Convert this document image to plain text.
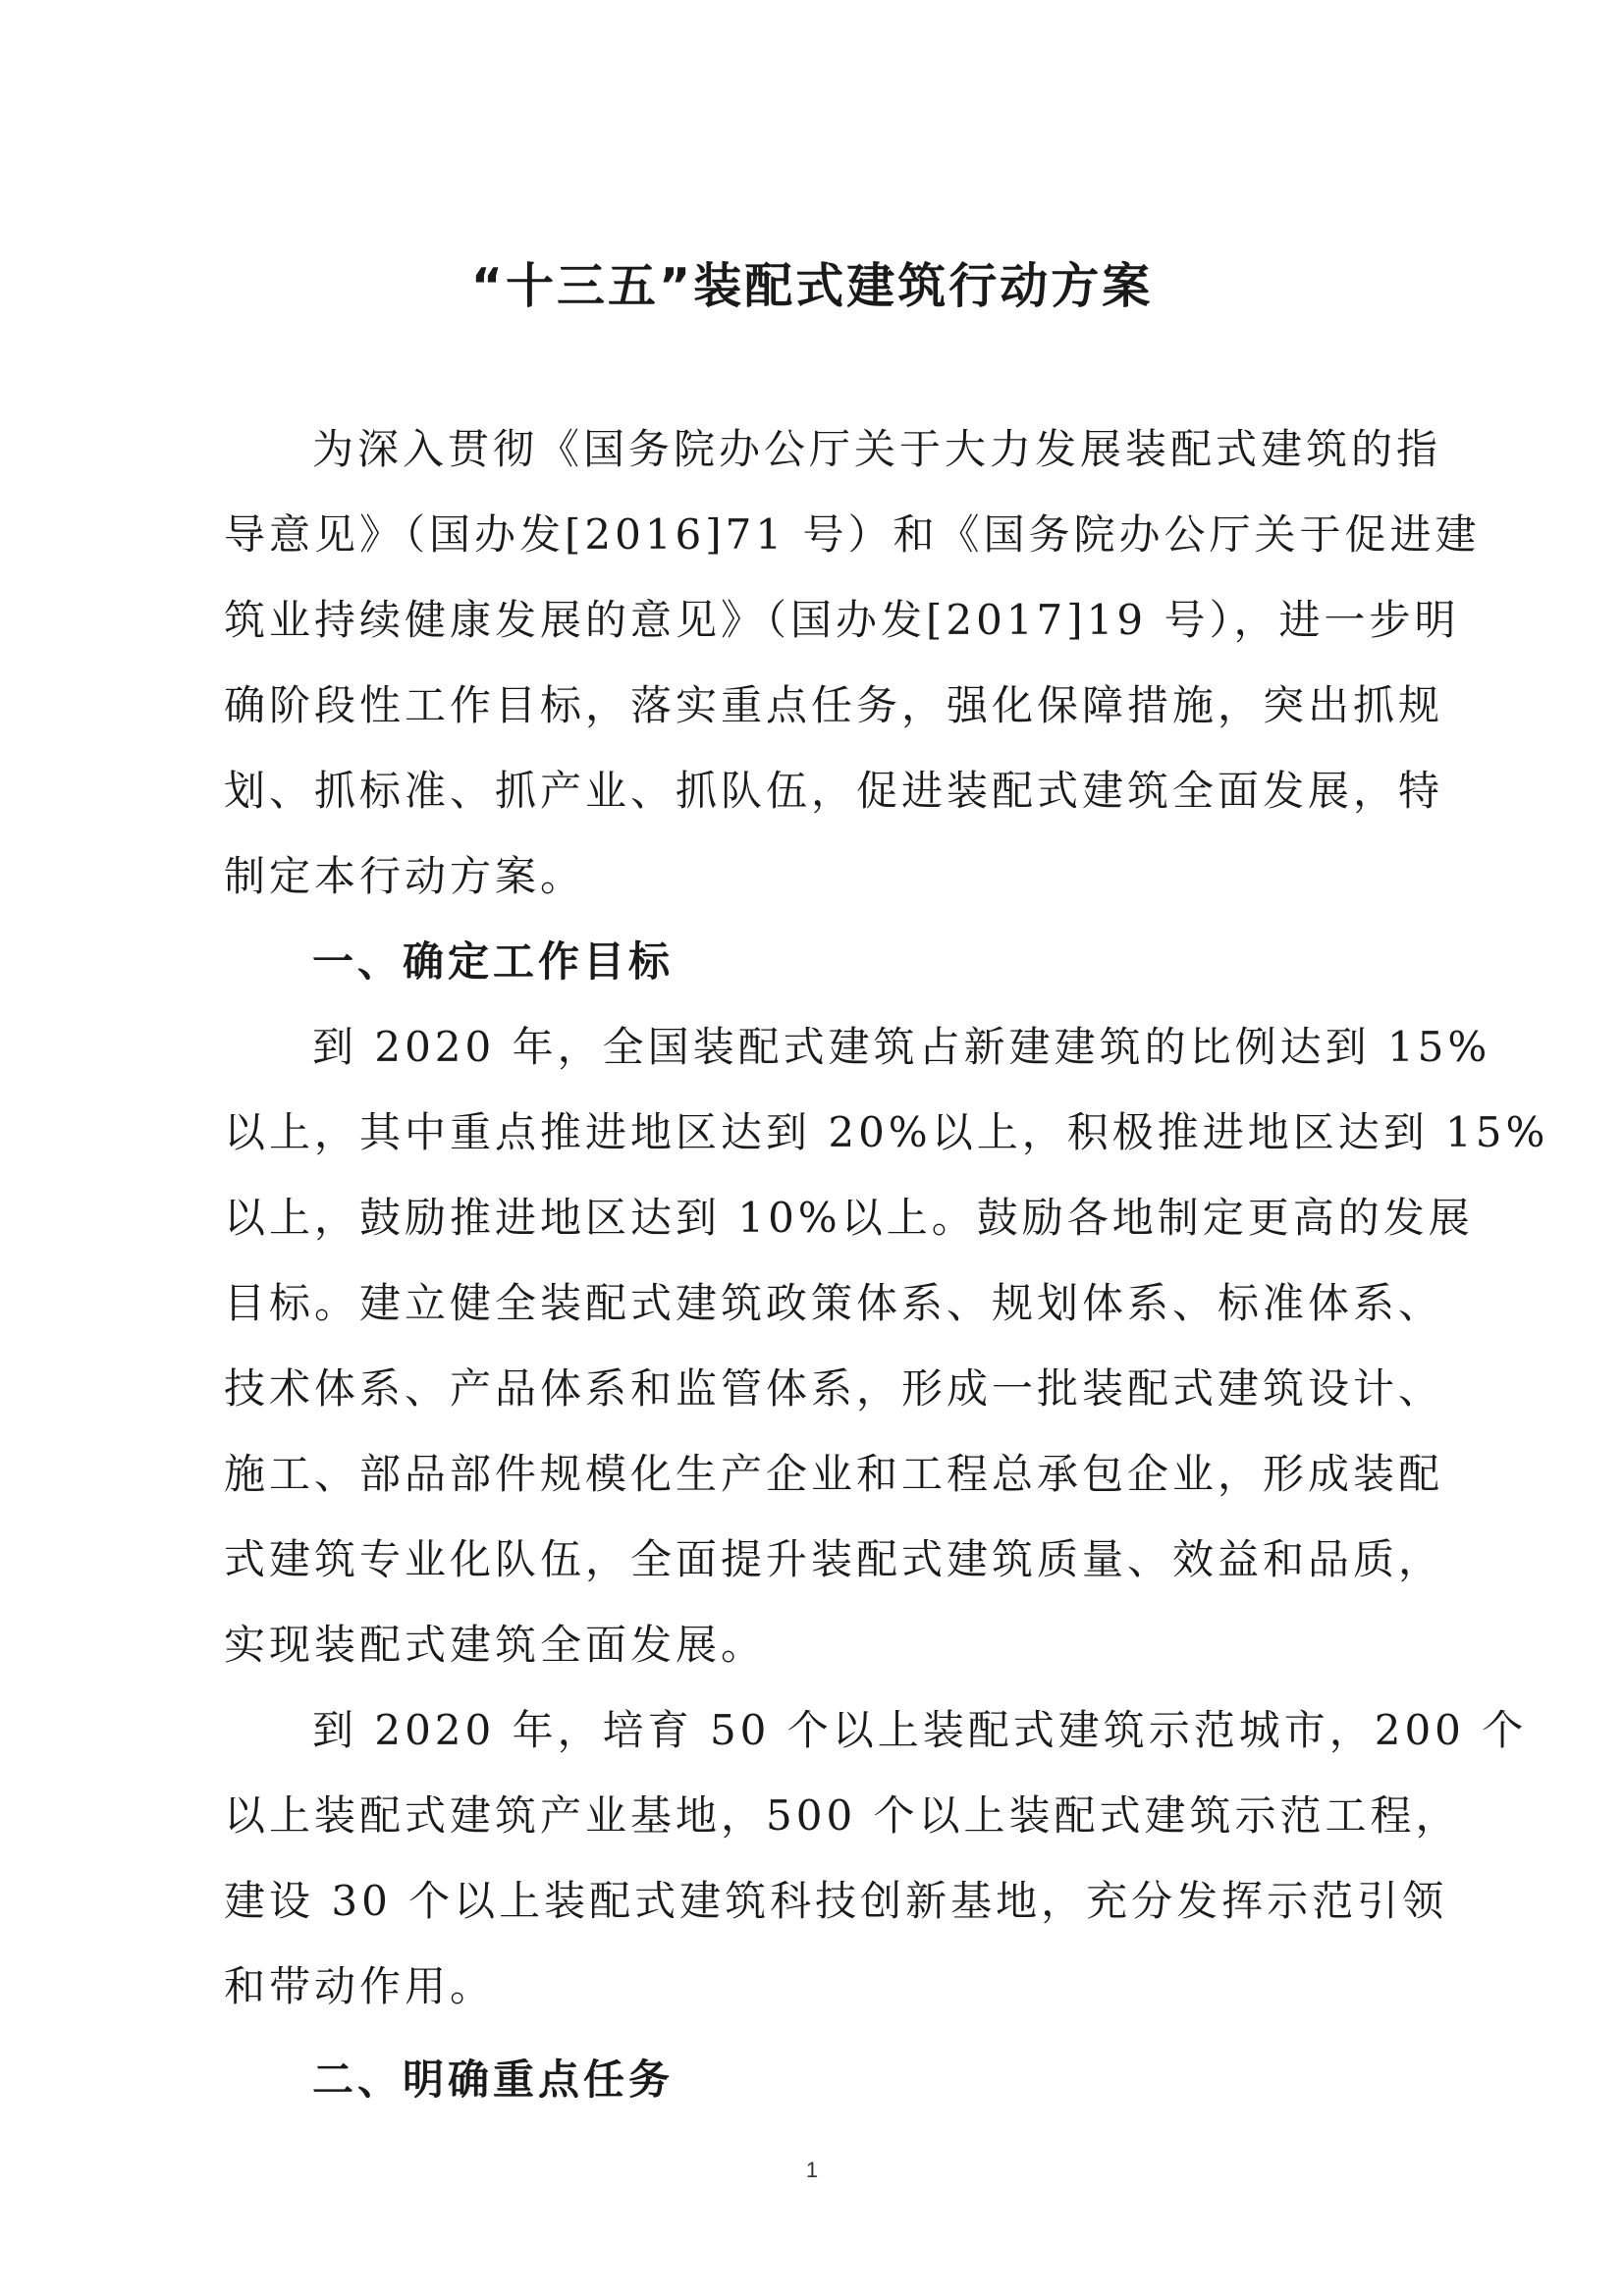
“十三五”装配式建筑行动方案

为深入贯彻《国务院办公厅关于大力发展装配式建筑的指
导意见》（国办发[2016]71 号）和《国务院办公厅关于促进建
筑业持续健康发展的意见》（国办发[2017]19 号），进一步明
确阶段性工作目标，落实重点任务，强化保障措施，突出抓规
划、抓标准、抓产业、抓队伍，促进装配式建筑全面发展，特
制定本行动方案。

一、确定工作目标

到 2020 年，全国装配式建筑占新建建筑的比例达到 15%
以上，其中重点推进地区达到 20%以上，积极推进地区达到 15%
以上，鼓励推进地区达到 10%以上。鼓励各地制定更高的发展
目标。建立健全装配式建筑政策体系、规划体系、标准体系、
技术体系、产品体系和监管体系，形成一批装配式建筑设计、
施工、部品部件规模化生产企业和工程总承包企业，形成装配
式建筑专业化队伍，全面提升装配式建筑质量、效益和品质，
实现装配式建筑全面发展。

到 2020 年，培育 50 个以上装配式建筑示范城市，200 个
以上装配式建筑产业基地，500 个以上装配式建筑示范工程，
建设 30 个以上装配式建筑科技创新基地，充分发挥示范引领
和带动作用。

二、明确重点任务

1
